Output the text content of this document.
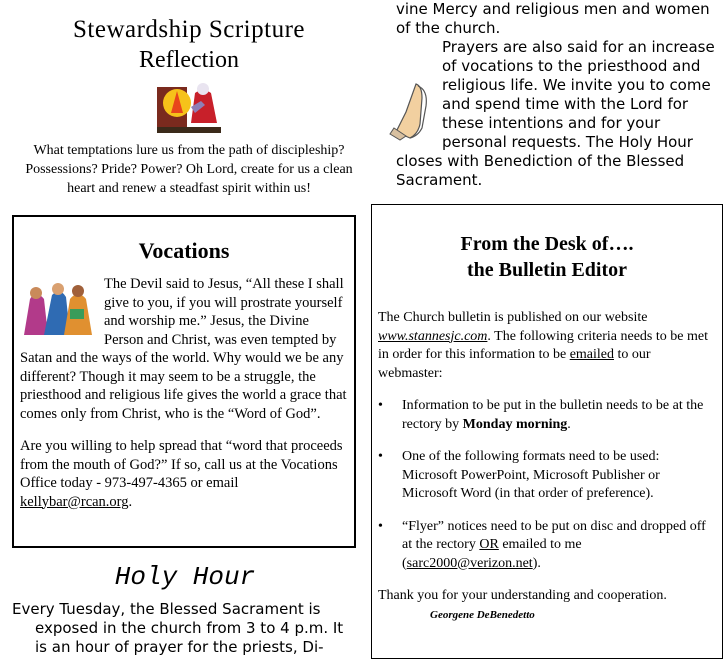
Stewardship Scripture
Reflection
What temptations lure us from the path of discipleship? Possessions? Pride? Power? Oh Lord, create for us a clean heart and renew a steadfast spirit within us!
Vocations

The Devil said to Jesus, “All these I shall give to you, if you will prostrate yourself and worship me.” Jesus, the Divine Person and Christ, was even tempted by Satan and the ways of the world. Why would we be any different? Though it may seem to be a struggle, the priesthood and religious life gives the world a grace that comes only from Christ, who is the “Word of God”.

Are you willing to help spread that “word that proceeds from the mouth of God?” If so, call us at the Vocations Office today - 973-497-4365 or email kellybar@rcan.org.

Holy Hour

Every Tuesday, the Blessed Sacrament is exposed in the church from 3 to 4 p.m. It is an hour of prayer for the priests, Di-

vine Mercy and religious men and women of the church.

Prayers are also said for an increase of vocations to the priesthood and religious life. We invite you to come and spend time with the Lord for these intentions and for your personal requests. The Holy Hour closes with Benediction of the Blessed Sacrament.

From the Desk of….
the Bulletin Editor
The Church bulletin is published on our website www.stannesjc.com. The following criteria needs to be met in order for this information to be emailed to our webmaster:
• Information to be put in the bulletin needs to be at the rectory by Monday morning.
• One of the following formats need to be used: Microsoft PowerPoint, Microsoft Publisher or Microsoft Word (in that order of preference).
• “Flyer” notices need to be put on disc and dropped off at the rectory OR emailed to me (sarc2000@verizon.net).
Thank you for your understanding and cooperation.
Georgene DeBenedetto
